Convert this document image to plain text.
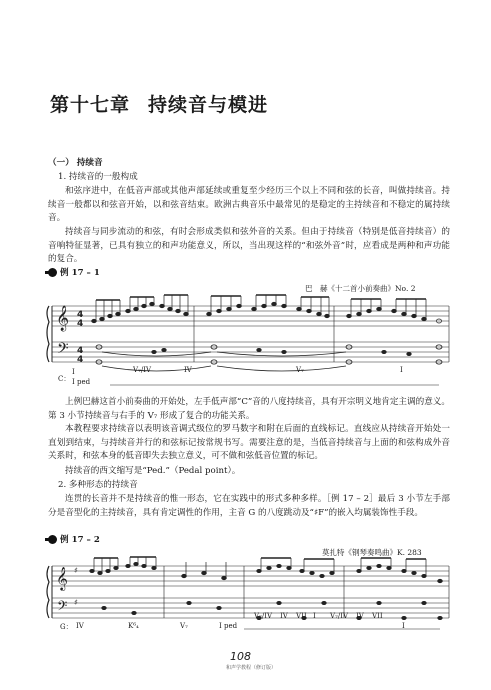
第十七章 持续音与模进
（一） 持续音
1. 持续音的一般构成
和弦序进中，在低音声部或其他声部延续或重复至少经历三个以上不同和弦的长音，叫做持续音。持续音一般都以和弦音开始，以和弦音结束。欧洲古典音乐中最常见的是稳定的主持续音和不稳定的属持续音。
持续音与同步流动的和弦，有时会形成类似和弦外音的关系。但由于持续音（特别是低音持续音）的音响特征显著，已具有独立的和声功能意义，所以，当出现这样的“和弦外音”时，应看成是两种和声功能的复合。
例 17 – 1
巴　赫《十二首小前奏曲》No. 2
𝄞
𝄢
4
4
4
4
C：
I
I ped
V₇/IV	IV	V₇	I
上例巴赫这首小前奏曲的开始处，左手低声部“C”音的八度持续音，具有开宗明义地肯定主调的意义。第 3 小节持续音与右手的 V₇ 形成了复合的功能关系。
本教程要求持续音以表明该音调式级位的罗马数字和附在后面的直线标记。直线应从持续音开始处一直划到结束，与持续音并行的和弦标记按常规书写。需要注意的是，当低音持续音与上面的和弦构成外音关系时，和弦本身的低音即失去独立意义，可不做和弦低音位置的标记。
持续音的西文缩写是“Ped.”（Pedal point）。
2. 多种形态的持续音
连贯的长音并不是持续音的惟一形态，它在实践中的形式多种多样。［例 17 – 2］最后 3 小节左手部分是音型化的主持续音，具有肯定调性的作用，主音 G 的八度跳动及“♯F”的嵌入均属装饰性手段。
例 17 – 2
莫扎特《钢琴奏鸣曲》K. 283
𝄞
𝄢
♯
♯
G： IV	K⁶₄	V₇	I ped
V₇/IV IV VII I V₇/IV IV VII
I
108
和声学教程（修订版）
